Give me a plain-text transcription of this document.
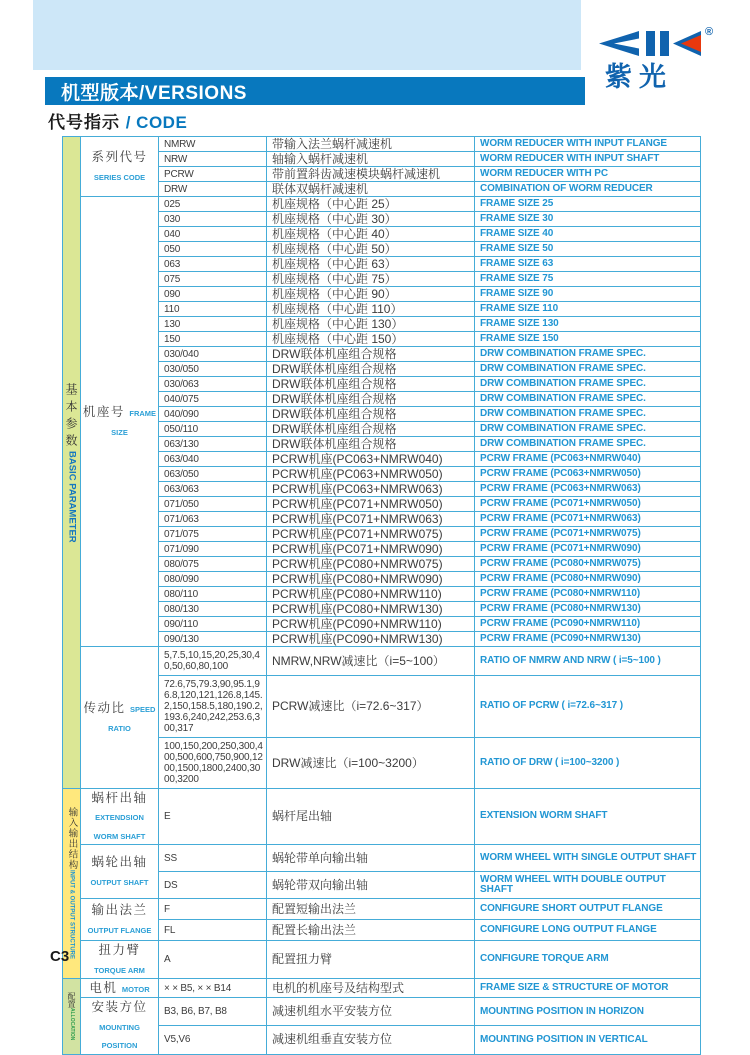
机型版本/VERSIONS
®
紫光
代号指示 / CODE
基本参数
BASIC PARAMETER	系列代号 SERIES CODE	NMRW	带输入法兰蜗杆减速机	WORM REDUCER WITH INPUT FLANGE
		NRW	轴输入蜗杆减速机	WORM REDUCER WITH INPUT SHAFT
		PCRW	带前置斜齿减速模块蜗杆减速机	WORM REDUCER WITH PC
		DRW	联体双蜗杆减速机	COMBINATION OF WORM REDUCER
	机座号 FRAME SIZE	025	机座规格（中心距 25）	FRAME SIZE 25
		030	机座规格（中心距 30）	FRAME SIZE 30
		040	机座规格（中心距 40）	FRAME SIZE 40
		050	机座规格（中心距 50）	FRAME SIZE 50
		063	机座规格（中心距 63）	FRAME SIZE 63
		075	机座规格（中心距 75）	FRAME SIZE 75
		090	机座规格（中心距 90）	FRAME SIZE 90
		110	机座规格（中心距 110）	FRAME SIZE 110
		130	机座规格（中心距 130）	FRAME SIZE 130
		150	机座规格（中心距 150）	FRAME SIZE 150
		030/040	DRW联体机座组合规格	DRW COMBINATION FRAME SPEC.
		030/050	DRW联体机座组合规格	DRW COMBINATION FRAME SPEC.
		030/063	DRW联体机座组合规格	DRW COMBINATION FRAME SPEC.
		040/075	DRW联体机座组合规格	DRW COMBINATION FRAME SPEC.
		040/090	DRW联体机座组合规格	DRW COMBINATION FRAME SPEC.
		050/110	DRW联体机座组合规格	DRW COMBINATION FRAME SPEC.
		063/130	DRW联体机座组合规格	DRW COMBINATION FRAME SPEC.
		063/040	PCRW机座(PC063+NMRW040)	PCRW FRAME (PC063+NMRW040)
		063/050	PCRW机座(PC063+NMRW050)	PCRW FRAME (PC063+NMRW050)
		063/063	PCRW机座(PC063+NMRW063)	PCRW FRAME (PC063+NMRW063)
		071/050	PCRW机座(PC071+NMRW050)	PCRW FRAME (PC071+NMRW050)
		071/063	PCRW机座(PC071+NMRW063)	PCRW FRAME (PC071+NMRW063)
		071/075	PCRW机座(PC071+NMRW075)	PCRW FRAME (PC071+NMRW075)
		071/090	PCRW机座(PC071+NMRW090)	PCRW FRAME (PC071+NMRW090)
		080/075	PCRW机座(PC080+NMRW075)	PCRW FRAME (PC080+NMRW075)
		080/090	PCRW机座(PC080+NMRW090)	PCRW FRAME (PC080+NMRW090)
		080/110	PCRW机座(PC080+NMRW110)	PCRW FRAME (PC080+NMRW110)
		080/130	PCRW机座(PC080+NMRW130)	PCRW FRAME (PC080+NMRW130)
		090/110	PCRW机座(PC090+NMRW110)	PCRW FRAME (PC090+NMRW110)
		090/130	PCRW机座(PC090+NMRW130)	PCRW FRAME (PC090+NMRW130)
	传动比 SPEED RATIO	5,7.5,10,15,20,25,30,40,50,60,80,100	NMRW,NRW减速比（i=5~100）	RATIO OF NMRW AND NRW ( i=5~100 )
		72.6,75,79.3,90,95.1,96.8,120,121,126.8,145.2,150,158.5,180,190.2,193.6,240,242,253.6,300,317	PCRW减速比（i=72.6~317）	RATIO OF PCRW ( i=72.6~317 )
		100,150,200,250,300,400,500,600,750,900,1200,1500,1800,2400,3000,3200	DRW减速比（i=100~3200）	RATIO OF DRW ( i=100~3200 )

输入输出结构
INPUT & OUTPUT STRUCTURE	蜗杆出轴 EXTENDSION WORM SHAFT	E	蜗杆尾出轴	EXTENSION WORM SHAFT
	蜗轮出轴 OUTPUT SHAFT	SS	蜗轮带单向输出轴	WORM WHEEL WITH SINGLE OUTPUT SHAFT
		DS	蜗轮带双向输出轴	WORM WHEEL WITH DOUBLE OUTPUT SHAFT
	输出法兰 OUTPUT FLANGE	F	配置短输出法兰	CONFIGURE SHORT OUTPUT FLANGE
		FL	配置长输出法兰	CONFIGURE LONG OUTPUT FLANGE
	扭力臂 TORQUE ARM	A	配置扭力臂	CONFIGURE TORQUE ARM

配置
ALLOCATION	电机 MOTOR	× × B5, × × B14	电机的机座号及结构型式	FRAME SIZE & STRUCTURE OF MOTOR
	安装方位 MOUNTING POSITION	B3, B6, B7, B8	减速机组水平安装方位	MOUNTING POSITION IN HORIZON
		V5,V6	减速机组垂直安装方位	MOUNTING POSITION IN VERTICAL
C3
